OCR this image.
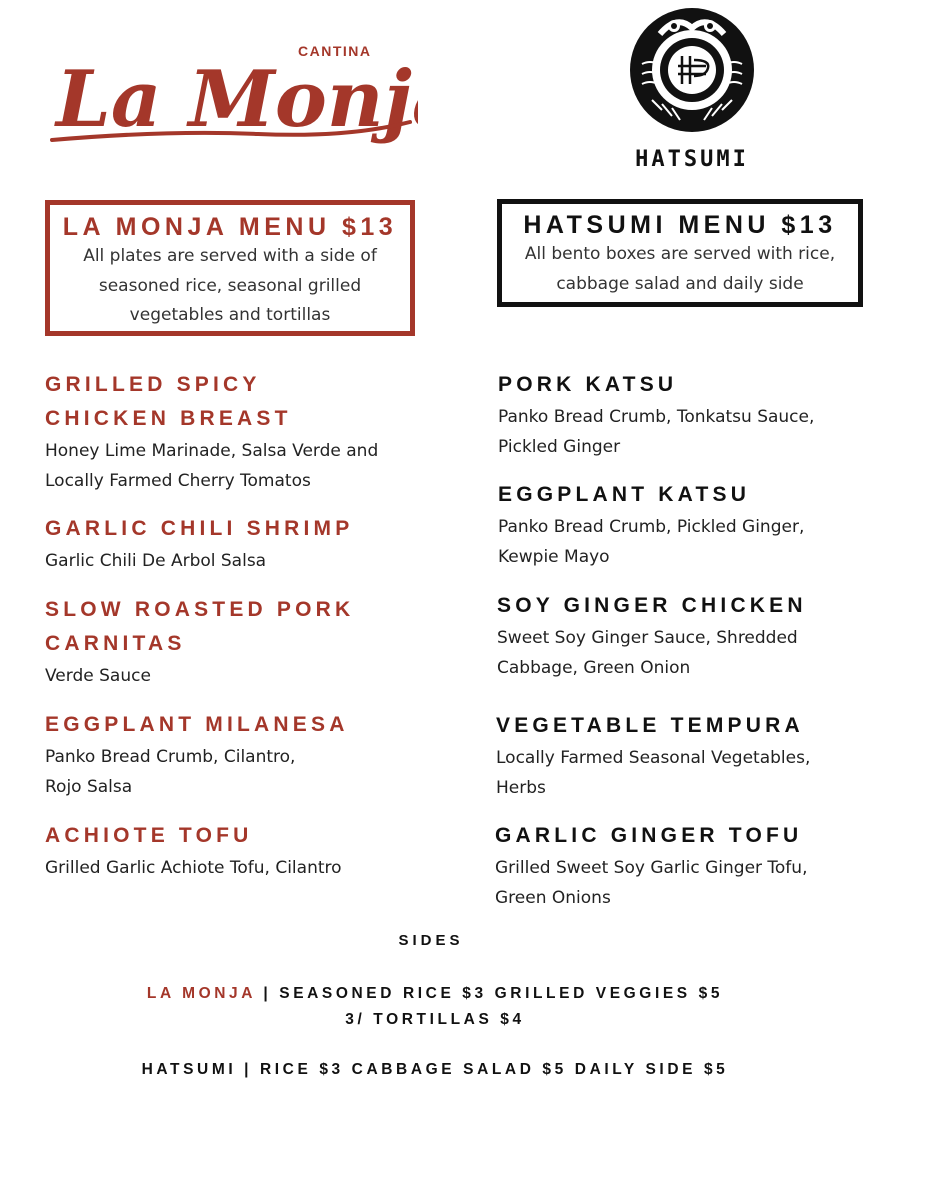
CANTINA
La Monj
HATSUMI
LA MONJA MENU $13
All plates are served with a side of seasoned rice, seasonal grilled vegetables and tortillas
HATSUMI MENU $13
All bento boxes are served with rice, cabbage salad and daily side
GRILLED SPICY CHICKEN BREAST
Honey Lime Marinade, Salsa Verde and Locally Farmed Cherry Tomatos
GARLIC CHILI SHRIMP
Garlic Chili De Arbol Salsa
SLOW ROASTED PORK CARNITAS
Verde Sauce
EGGPLANT MILANESA
Panko Bread Crumb, Cilantro, Rojo Salsa
ACHIOTE TOFU
Grilled Garlic Achiote Tofu, Cilantro
PORK KATSU
Panko Bread Crumb, Tonkatsu Sauce, Pickled Ginger
EGGPLANT KATSU
Panko Bread Crumb, Pickled Ginger, Kewpie Mayo
SOY GINGER CHICKEN
Sweet Soy Ginger Sauce, Shredded Cabbage, Green Onion
VEGETABLE TEMPURA
Locally Farmed Seasonal Vegetables, Herbs
GARLIC GINGER TOFU
Grilled Sweet Soy Garlic Ginger Tofu, Green Onions
SIDES
LA MONJA | SEASONED RICE $3 GRILLED VEGGIES $5
3/ TORTILLAS $4
HATSUMI | RICE $3 CABBAGE SALAD $5 DAILY SIDE $5
